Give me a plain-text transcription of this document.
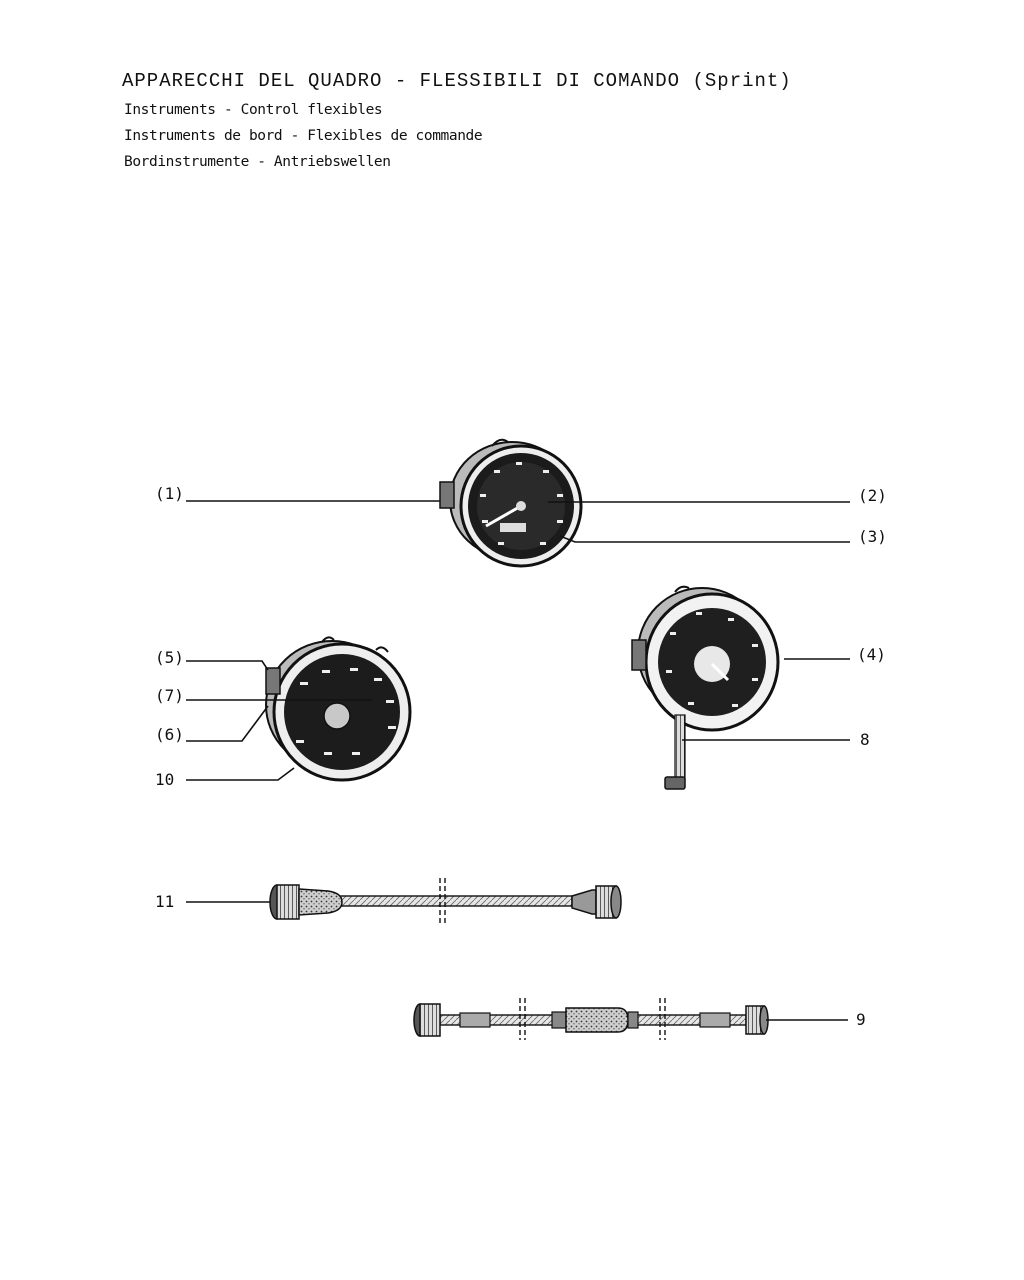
APPARECCHI DEL QUADRO - FLESSIBILI DI COMANDO (Sprint)
Instruments - Control flexibles
Instruments de bord - Flexibles de commande
Bordinstrumente - Antriebswellen
(1)	(2)
(3)
(4)
(5)
(7)
(6)	8
10
11
9
